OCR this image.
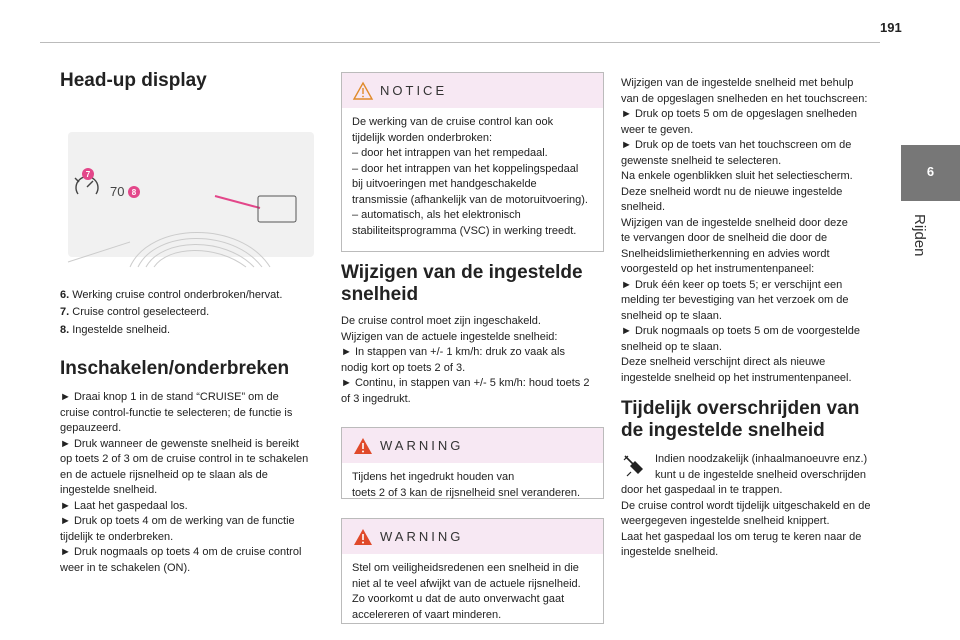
191
6
Rijden
Head-up display
7
70 8

6. Werking cruise control onderbroken/hervat.

7. Cruise control geselecteerd.

8. Ingestelde snelheid.

Inschakelen/onderbreken

► Draai knop 1 in de stand “CRUISE” om de

cruise control-functie te selecteren; de functie is

gepauzeerd.

► Druk wanneer de gewenste snelheid is bereikt

op toets 2 of 3 om de cruise control in te schakelen

en de actuele rijsnelheid op te slaan als de

ingestelde snelheid.

► Laat het gaspedaal los.

► Druk op toets 4 om de werking van de functie

tijdelijk te onderbreken.

► Druk nogmaals op toets 4 om de cruise control

weer in te schakelen (ON).

NOTICE

De werking van de cruise control kan ook

tijdelijk worden onderbroken:

– door het intrappen van het rempedaal.

– door het intrappen van het koppelingspedaal

bij uitvoeringen met handgeschakelde

transmissie (afhankelijk van de motoruitvoering).

– automatisch, als het elektronisch

stabiliteitsprogramma (VSC) in werking treedt.

Wijzigen van de ingestelde snelheid

De cruise control moet zijn ingeschakeld.

Wijzigen van de actuele ingestelde snelheid:

► In stappen van +/- 1 km/h: druk zo vaak als

nodig kort op toets 2 of 3.

► Continu, in stappen van +/- 5 km/h: houd toets 2

of 3 ingedrukt.

WARNING

Tijdens het ingedrukt houden van

toets 2 of 3 kan de rijsnelheid snel veranderen.

WARNING

Stel om veiligheidsredenen een snelheid in die

niet al te veel afwijkt van de actuele rijsnelheid.

Zo voorkomt u dat de auto onverwacht gaat

accelereren of vaart minderen.

Wijzigen van de ingestelde snelheid met behulp

van de opgeslagen snelheden en het touchscreen:

► Druk op toets 5 om de opgeslagen snelheden

weer te geven.

► Druk op de toets van het touchscreen om de

gewenste snelheid te selecteren.

Na enkele ogenblikken sluit het selectiescherm.

Deze snelheid wordt nu de nieuwe ingestelde

snelheid.

Wijzigen van de ingestelde snelheid door deze

te vervangen door de snelheid die door de

Snelheidslimietherkenning en advies wordt

voorgesteld op het instrumentenpaneel:

► Druk één keer op toets 5; er verschijnt een

melding ter bevestiging van het verzoek om de

snelheid op te slaan.

► Druk nogmaals op toets 5 om de voorgestelde

snelheid op te slaan.

Deze snelheid verschijnt direct als nieuwe

ingestelde snelheid op het instrumentenpaneel.

Tijdelijk overschrijden van de ingestelde snelheid

Indien noodzakelijk (inhaalmanoeuvre enz.)

kunt u de ingestelde snelheid overschrijden

door het gaspedaal in te trappen.

De cruise control wordt tijdelijk uitgeschakeld en de

weergegeven ingestelde snelheid knippert.

Laat het gaspedaal los om terug te keren naar de

ingestelde snelheid.
